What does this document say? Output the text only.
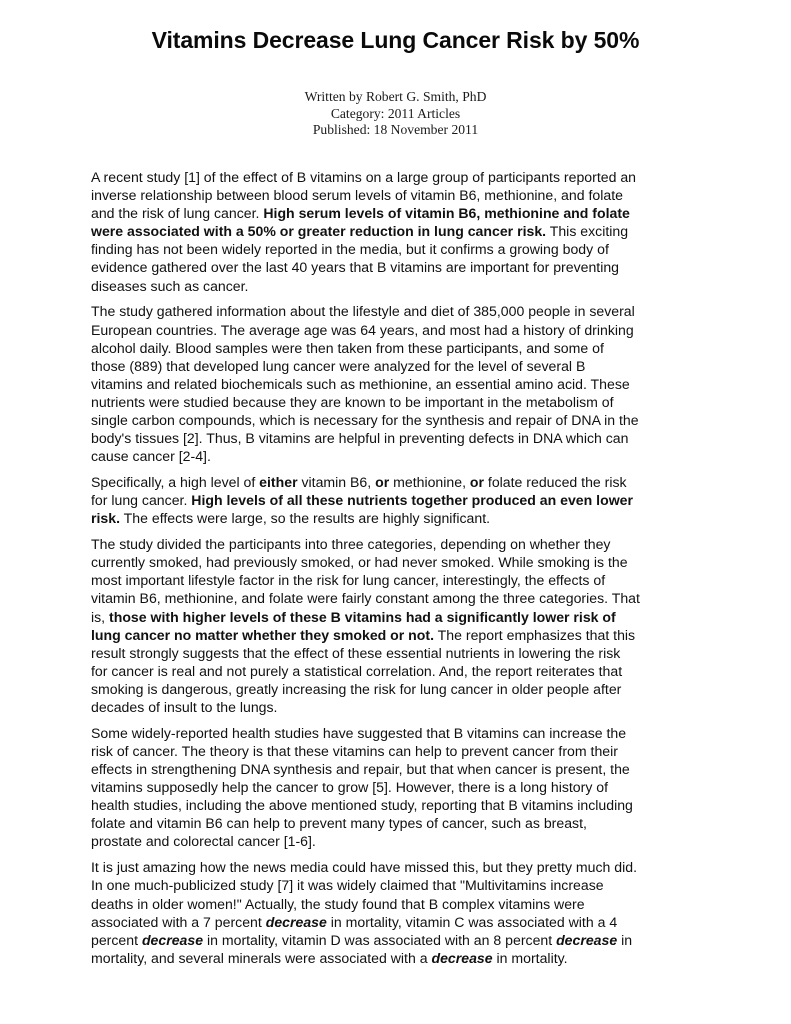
Vitamins Decrease Lung Cancer Risk by 50%
Written by Robert G. Smith, PhD
Category: 2011 Articles
Published: 18 November 2011

A recent study [1] of the effect of B vitamins on a large group of participants reported an
inverse relationship between blood serum levels of vitamin B6, methionine, and folate
and the risk of lung cancer. High serum levels of vitamin B6, methionine and folate
were associated with a 50% or greater reduction in lung cancer risk. This exciting
finding has not been widely reported in the media, but it confirms a growing body of
evidence gathered over the last 40 years that B vitamins are important for preventing
diseases such as cancer.

The study gathered information about the lifestyle and diet of 385,000 people in several
European countries. The average age was 64 years, and most had a history of drinking
alcohol daily. Blood samples were then taken from these participants, and some of
those (889) that developed lung cancer were analyzed for the level of several B
vitamins and related biochemicals such as methionine, an essential amino acid. These
nutrients were studied because they are known to be important in the metabolism of
single carbon compounds, which is necessary for the synthesis and repair of DNA in the
body's tissues [2]. Thus, B vitamins are helpful in preventing defects in DNA which can
cause cancer [2-4].

Specifically, a high level of either vitamin B6, or methionine, or folate reduced the risk
for lung cancer. High levels of all these nutrients together produced an even lower
risk. The effects were large, so the results are highly significant.

The study divided the participants into three categories, depending on whether they
currently smoked, had previously smoked, or had never smoked. While smoking is the
most important lifestyle factor in the risk for lung cancer, interestingly, the effects of
vitamin B6, methionine, and folate were fairly constant among the three categories. That
is, those with higher levels of these B vitamins had a significantly lower risk of
lung cancer no matter whether they smoked or not. The report emphasizes that this
result strongly suggests that the effect of these essential nutrients in lowering the risk
for cancer is real and not purely a statistical correlation. And, the report reiterates that
smoking is dangerous, greatly increasing the risk for lung cancer in older people after
decades of insult to the lungs.

Some widely-reported health studies have suggested that B vitamins can increase the
risk of cancer. The theory is that these vitamins can help to prevent cancer from their
effects in strengthening DNA synthesis and repair, but that when cancer is present, the
vitamins supposedly help the cancer to grow [5]. However, there is a long history of
health studies, including the above mentioned study, reporting that B vitamins including
folate and vitamin B6 can help to prevent many types of cancer, such as breast,
prostate and colorectal cancer [1-6].

It is just amazing how the news media could have missed this, but they pretty much did.
In one much-publicized study [7] it was widely claimed that "Multivitamins increase
deaths in older women!" Actually, the study found that B complex vitamins were
associated with a 7 percent decrease in mortality, vitamin C was associated with a 4
percent decrease in mortality, vitamin D was associated with an 8 percent decrease in
mortality, and several minerals were associated with a decrease in mortality.
